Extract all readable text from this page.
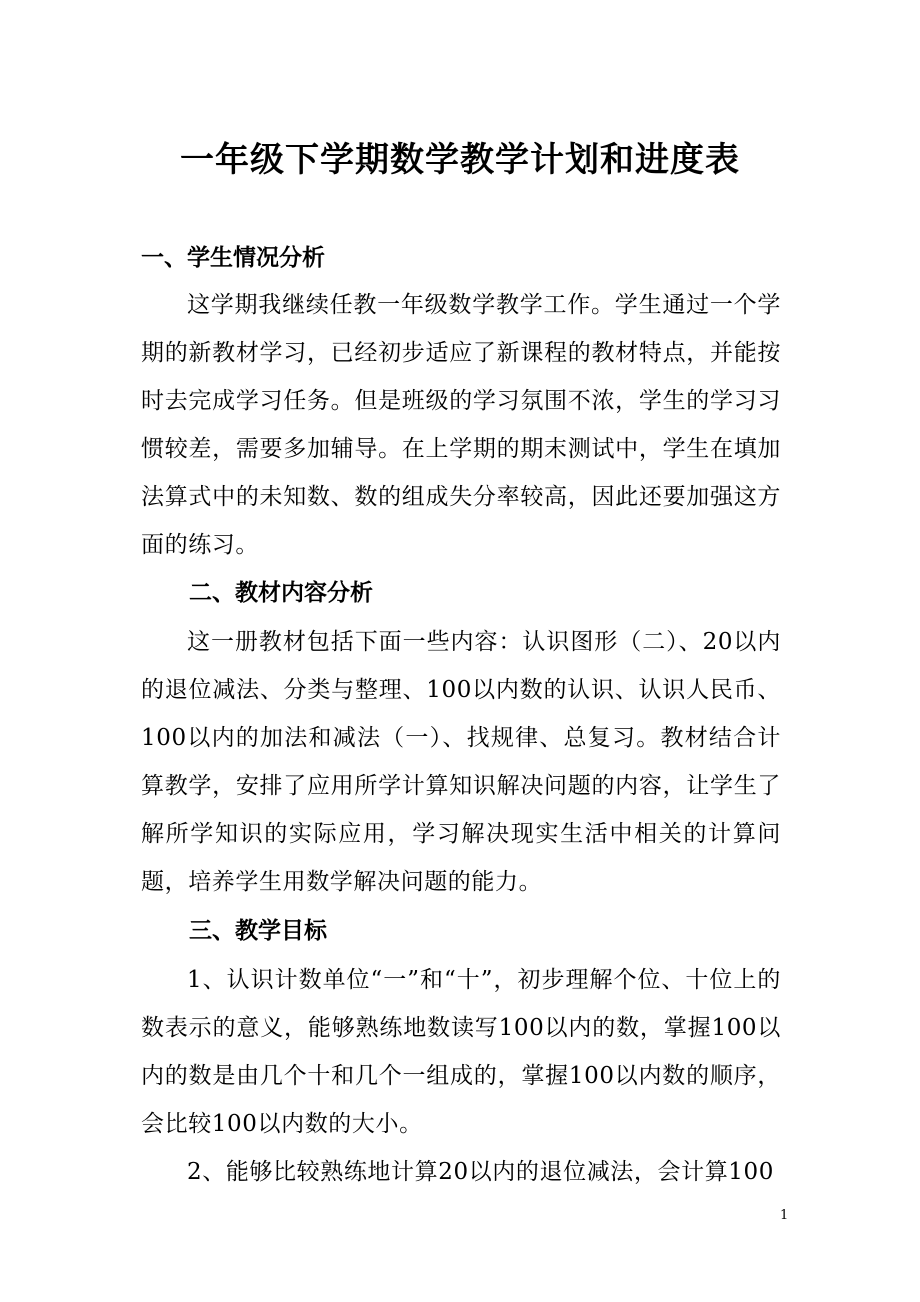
一年级下学期数学教学计划和进度表
一、学生情况分析
这学期我继续任教一年级数学教学工作。学生通过一个学期的新教材学习，已经初步适应了新课程的教材特点，并能按时去完成学习任务。但是班级的学习氛围不浓，学生的学习习惯较差，需要多加辅导。在上学期的期末测试中，学生在填加法算式中的未知数、数的组成失分率较高，因此还要加强这方面的练习。
二、教材内容分析
这一册教材包括下面一些内容：认识图形（二）、20以内的退位减法、分类与整理、100以内数的认识、认识人民币、100以内的加法和减法（一）、找规律、总复习。教材结合计算教学，安排了应用所学计算知识解决问题的内容，让学生了解所学知识的实际应用，学习解决现实生活中相关的计算问题，培养学生用数学解决问题的能力。
三、教学目标
1、认识计数单位“一”和“十”，初步理解个位、十位上的数表示的意义，能够熟练地数读写100以内的数，掌握100以内的数是由几个十和几个一组成的，掌握100以内数的顺序，会比较100以内数的大小。
2、能够比较熟练地计算20以内的退位减法，会计算100
1
